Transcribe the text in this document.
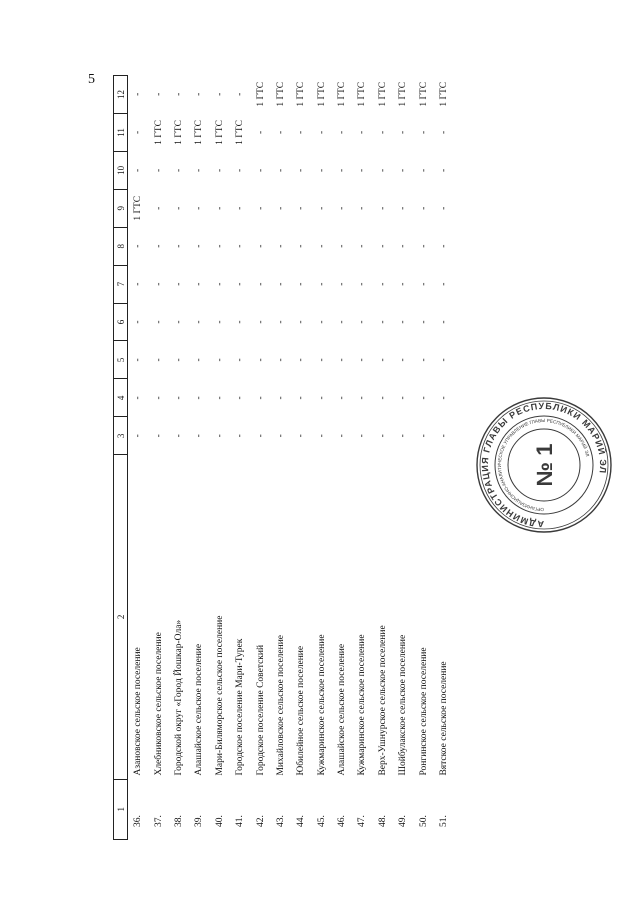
5
1	2	3	4	5	6	7	8	9	10	11	12
36.	Азановское сельское поселение	-	-	-	-	-	-	1 ГТС	-	-	-
37.	Хлебниковское сельское поселение	-	-	-	-	-	-	-	-	1 ГТС	-
38.	Городской округ «Город Йошкар-Ола»	-	-	-	-	-	-	-	-	1 ГТС	-
39.	Алашайское сельское поселение	-	-	-	-	-	-	-	-	1 ГТС	-
40.	Мари-Биляморское сельское поселение	-	-	-	-	-	-	-	-	1 ГТС	-
41.	Городское поселение Мари-Турек	-	-	-	-	-	-	-	-	1 ГТС	-
42.	Городское поселение Советский	-	-	-	-	-	-	-	-	-	1 ГТС
43.	Михайловское сельское поселение	-	-	-	-	-	-	-	-	-	1 ГТС
44.	Юбилейное сельское поселение	-	-	-	-	-	-	-	-	-	1 ГТС
45.	Кужмаринское сельское поселение	-	-	-	-	-	-	-	-	-	1 ГТС
46.	Алашайское сельское поселение	-	-	-	-	-	-	-	-	-	1 ГТС
47.	Кужмаринское сельское поселение	-	-	-	-	-	-	-	-	-	1 ГТС
48.	Верх-Ушнурское сельское поселение	-	-	-	-	-	-	-	-	-	1 ГТС
49.	Шойбулакское сельское поселение	-	-	-	-	-	-	-	-	-	1 ГТС
50.	Ронгинское сельское поселение	-	-	-	-	-	-	-	-	-	1 ГТС
51.	Вятское сельское поселение	-	-	-	-	-	-	-	-	-	1 ГТС
АДМИНИСТРАЦИЯ ГЛАВЫ РЕСПУБЛИКИ МАРИЙ ЭЛ
ОРГАНИЗАЦИОННО-АНАЛИТИЧЕСКОЕ УПРАВЛЕНИЕ ГЛАВЫ РЕСПУБЛИКИ МАРИЙ ЭЛ
№ 1
